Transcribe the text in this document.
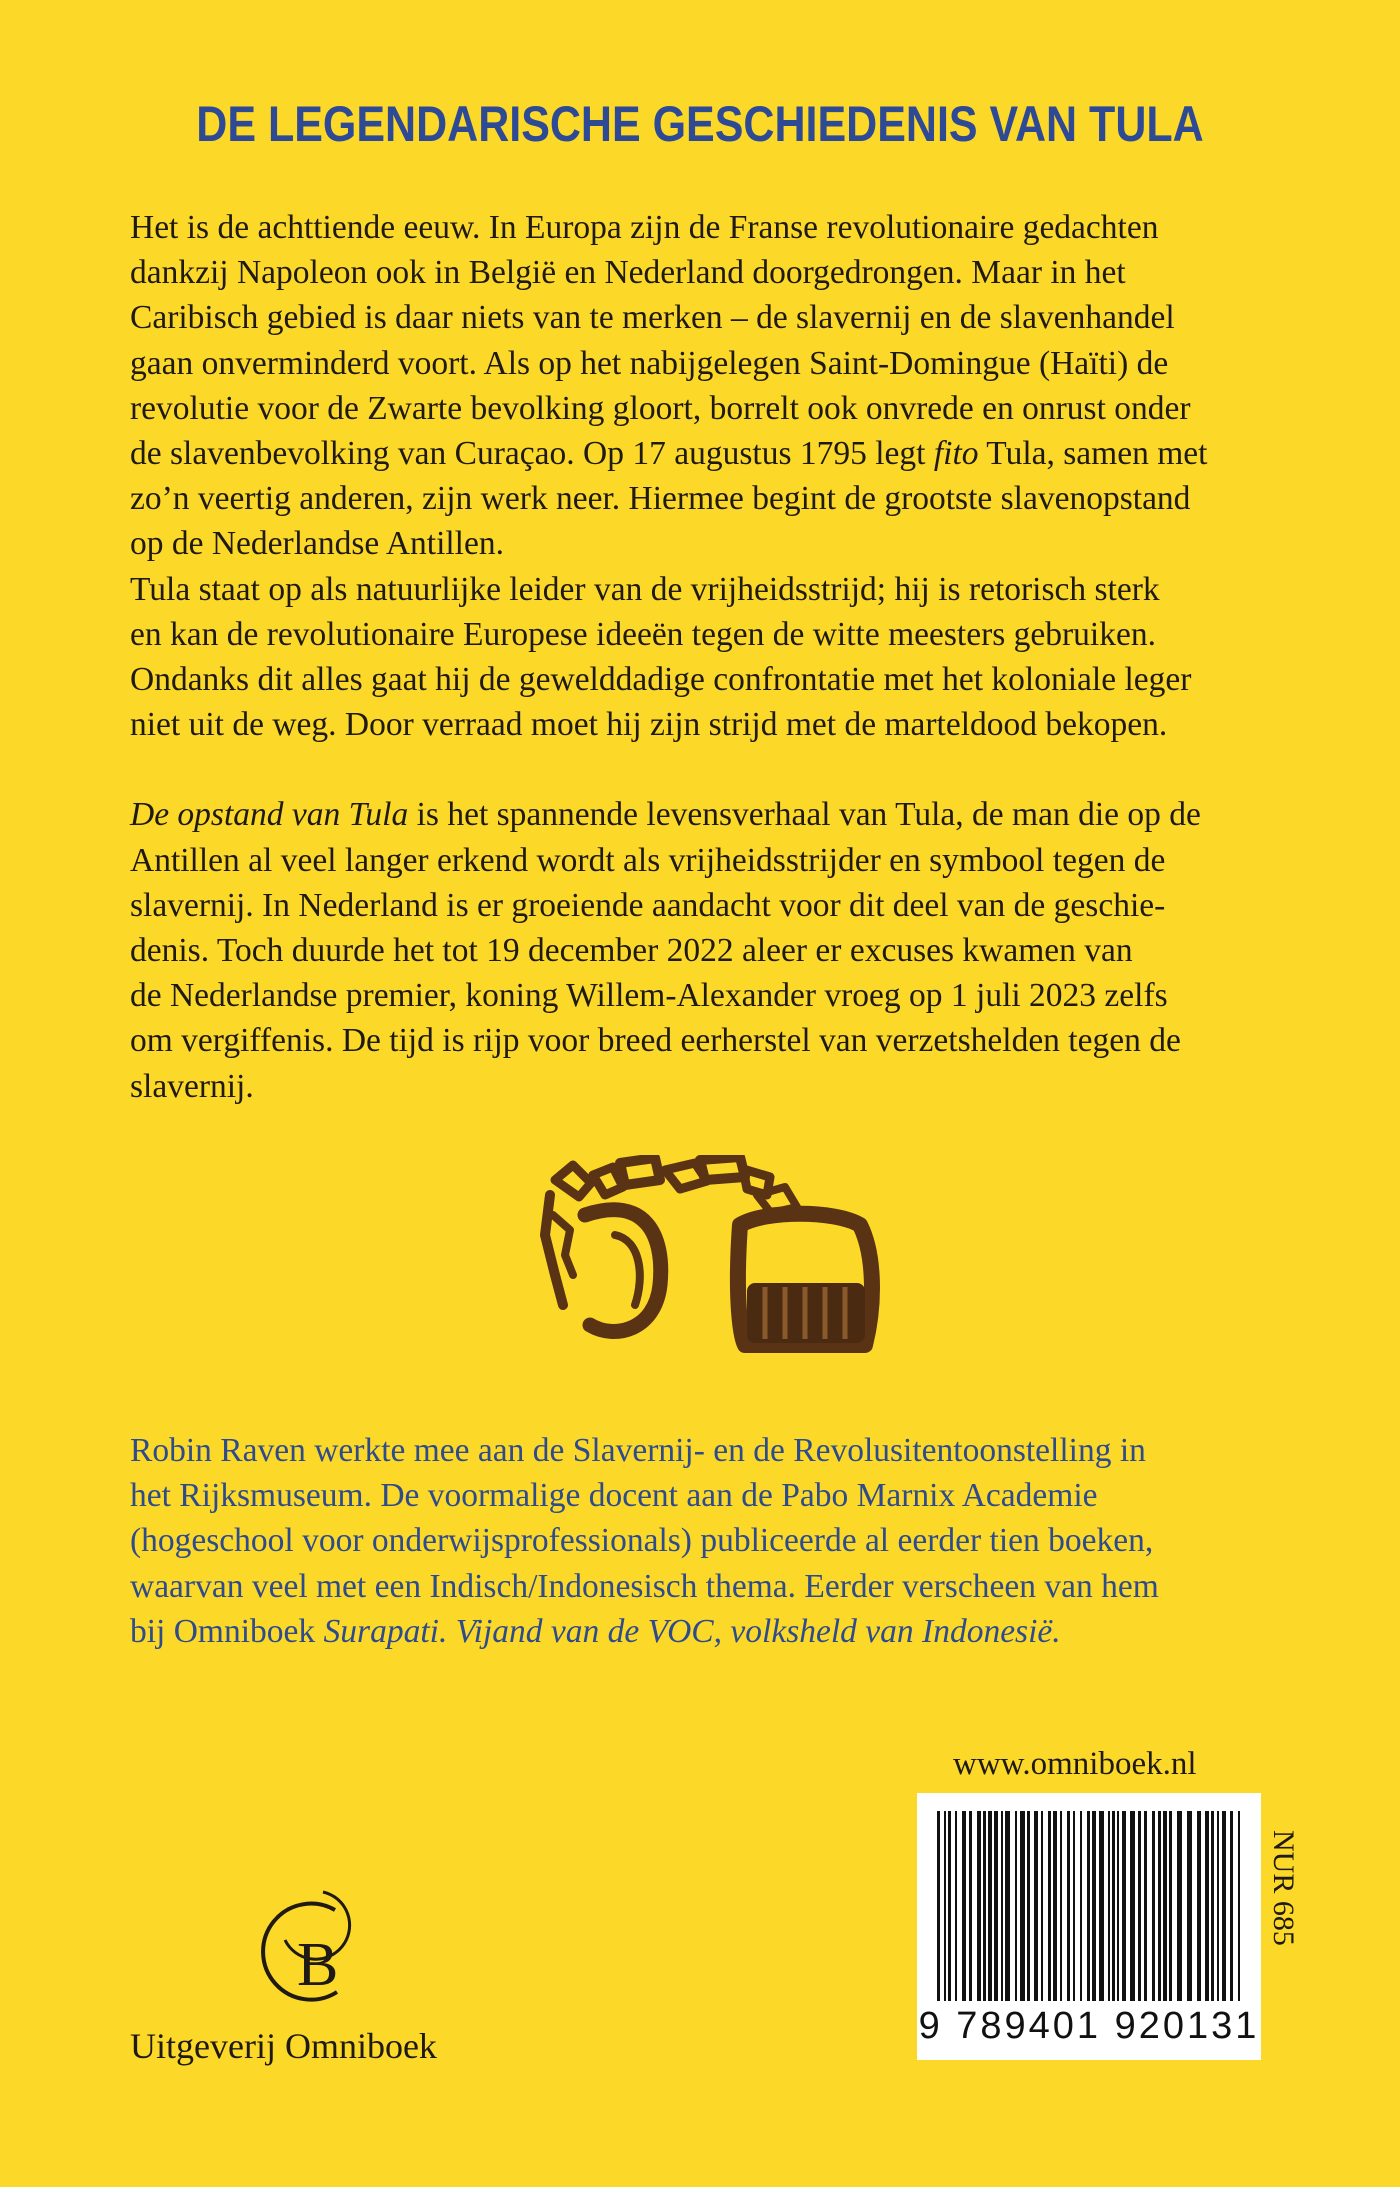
DE LEGENDARISCHE GESCHIEDENIS VAN TULA

Het is de achttiende eeuw. In Europa zijn de Franse revolutionaire gedachten

dankzij Napoleon ook in België en Nederland doorgedrongen. Maar in het

Caribisch gebied is daar niets van te merken – de slavernij en de slavenhandel

gaan onverminderd voort. Als op het nabijgelegen Saint-Domingue (Haïti) de

revolutie voor de Zwarte bevolking gloort, borrelt ook onvrede en onrust onder

de slavenbevolking van Curaçao. Op 17 augustus 1795 legt fito Tula, samen met

zo’n veertig anderen, zijn werk neer. Hiermee begint de grootste slavenopstand

op de Nederlandse Antillen.

Tula staat op als natuurlijke leider van de vrijheidsstrijd; hij is retorisch sterk

en kan de revolutionaire Europese ideeën tegen de witte meesters gebruiken.

Ondanks dit alles gaat hij de gewelddadige confrontatie met het koloniale leger

niet uit de weg. Door verraad moet hij zijn strijd met de marteldood bekopen.

De opstand van Tula is het spannende levensverhaal van Tula, de man die op de

Antillen al veel langer erkend wordt als vrijheidsstrijder en symbool tegen de

slavernij. In Nederland is er groeiende aandacht voor dit deel van de geschie-

denis. Toch duurde het tot 19 december 2022 aleer er excuses kwamen van

de Nederlandse premier, koning Willem-Alexander vroeg op 1 juli 2023 zelfs

om vergiffenis. De tijd is rijp voor breed eerherstel van verzetshelden tegen de

slavernij.

Robin Raven werkte mee aan de Slavernij- en de Revolusitentoonstelling in

het Rijksmuseum. De voormalige docent aan de Pabo Marnix Academie

(hogeschool voor onderwijsprofessionals) publiceerde al eerder tien boeken,

waarvan veel met een Indisch/Indonesisch thema. Eerder verscheen van hem

bij Omniboek Surapati. Vijand van de VOC, volksheld van Indonesië.

www.omniboek.nl
9 789401 920131
NUR 685
B
Uitgeverij Omniboek
